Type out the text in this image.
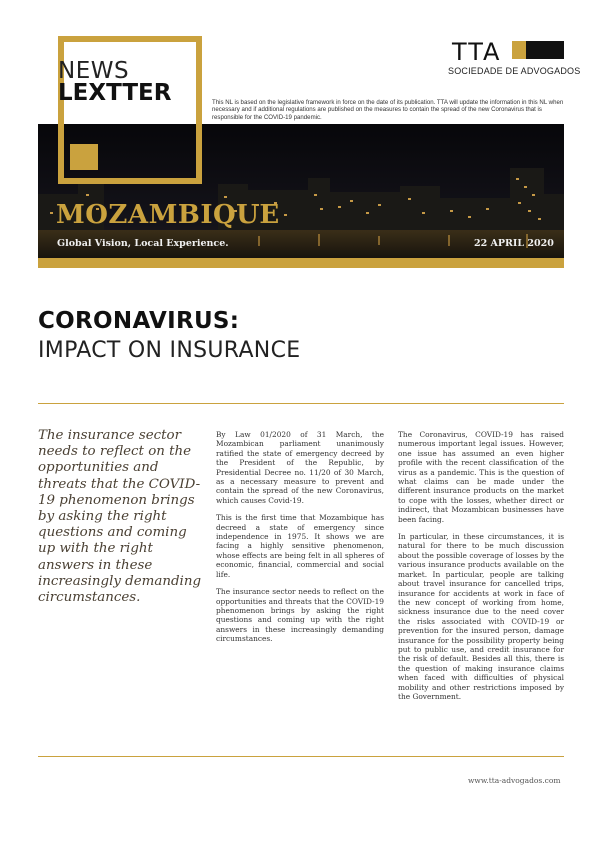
NEWS
LEXTTER
TTA
SOCIEDADE DE ADVOGADOS
This NL is based on the legislative framework in force on the date of its publication. TTA will update the information in this NL when necessary and if additional regulations are published on the measures to contain the spread of the new Coronavirus that is responsible for the COVID-19 pandemic.
MOZAMBIQUE
Global Vision, Local Experience.	22 APRIL 2020
CORONAVIRUS:
IMPACT ON INSURANCE
The insurance sector needs to reflect on the opportunities and threats that the COVID-19 phenomenon brings by asking the right questions and coming up with the right answers in these increasingly demanding circumstances.

By Law 01/2020 of 31 March, the Mozambican parliament unanimously ratified the state of emergency decreed by the President of the Republic, by Presidential Decree no. 11/20 of 30 March, as a necessary measure to prevent and contain the spread of the new Coronavirus, which causes Covid-19.

This is the first time that Mozambique has decreed a state of emergency since independence in 1975. It shows we are facing a highly sensitive phenomenon, whose effects are being felt in all spheres of economic, financial, commercial and social life.

The insurance sector needs to reflect on the opportunities and threats that the COVID-19 phenomenon brings by asking the right questions and coming up with the right answers in these increasingly demanding circumstances.

The Coronavirus, COVID-19 has raised numerous important legal issues. However, one issue has assumed an even higher profile with the recent classification of the virus as a pandemic. This is the question of what claims can be made under the different insurance products on the market to cope with the losses, whether direct or indirect, that Mozambican businesses have been facing.

In particular, in these circumstances, it is natural for there to be much discussion about the possible coverage of losses by the various insurance products available on the market. In particular, people are talking about travel insurance for cancelled trips, insurance for accidents at work in face of the new concept of working from home, sickness insurance due to the need cover the risks associated with COVID-19 or prevention for the insured person, damage insurance for the possibility property being put to public use, and credit insurance for the risk of default. Besides all this, there is the question of making insurance claims when faced with difficulties of physical mobility and other restrictions imposed by the Government.

www.tta-advogados.com
